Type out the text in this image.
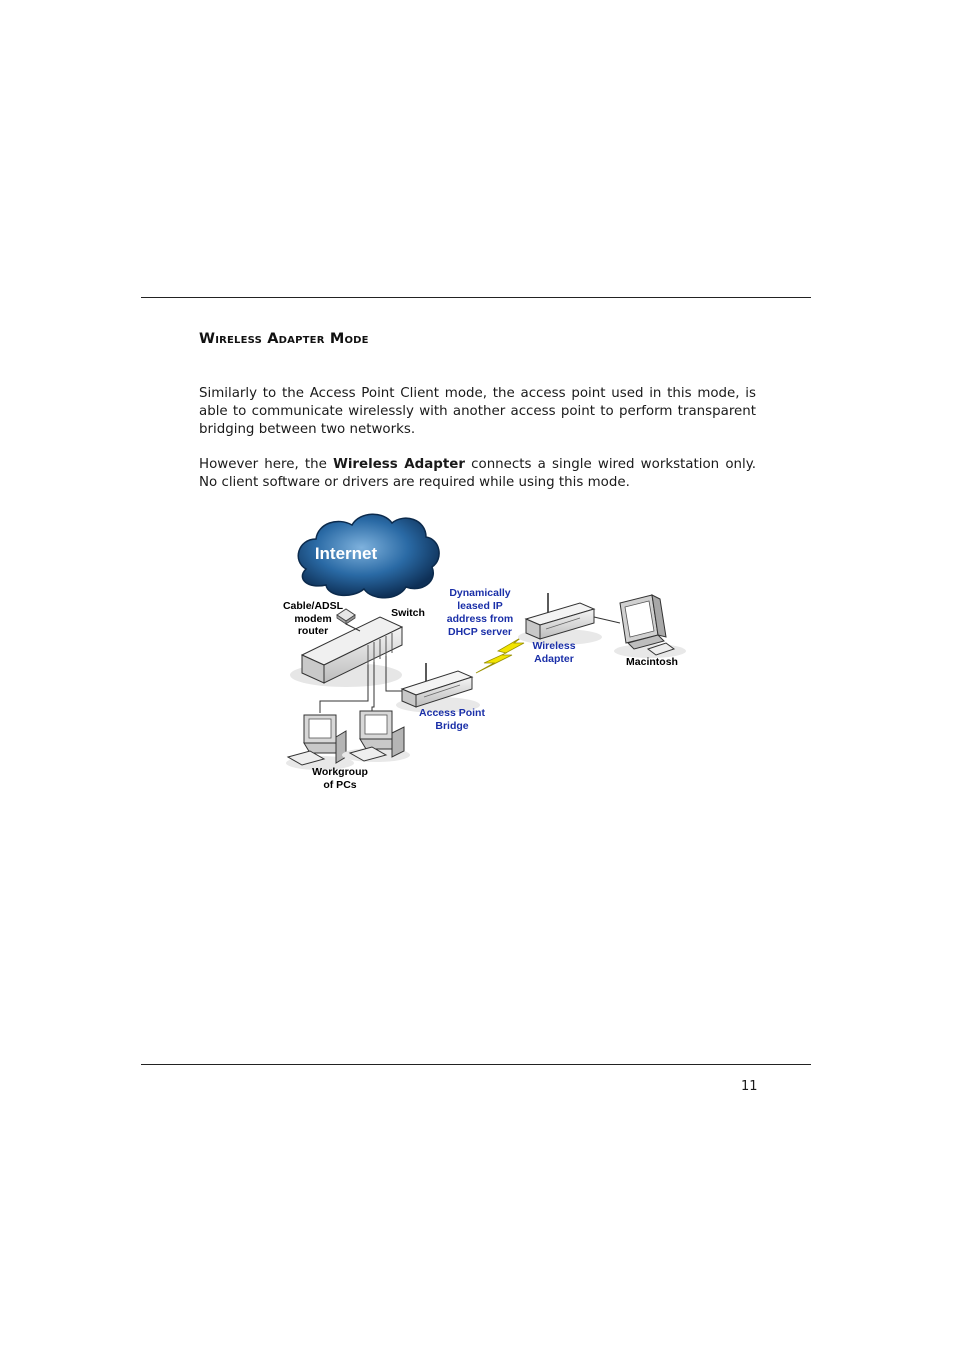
Wireless Adapter Mode

Similarly to the Access Point Client mode, the access point used in this mode, is able to communicate wirelessly with another access point to perform transparent bridging between two networks.

However here, the Wireless Adapter connects a single wired workstation only. No client software or drivers are required while using this mode.

Internet
Cable/ADSL
modem
router
Switch
Workgroup
of PCs
Access Point
Bridge
Dynamically
leased IP
address from
DHCP server
Wireless
Adapter	Macintosh
11
